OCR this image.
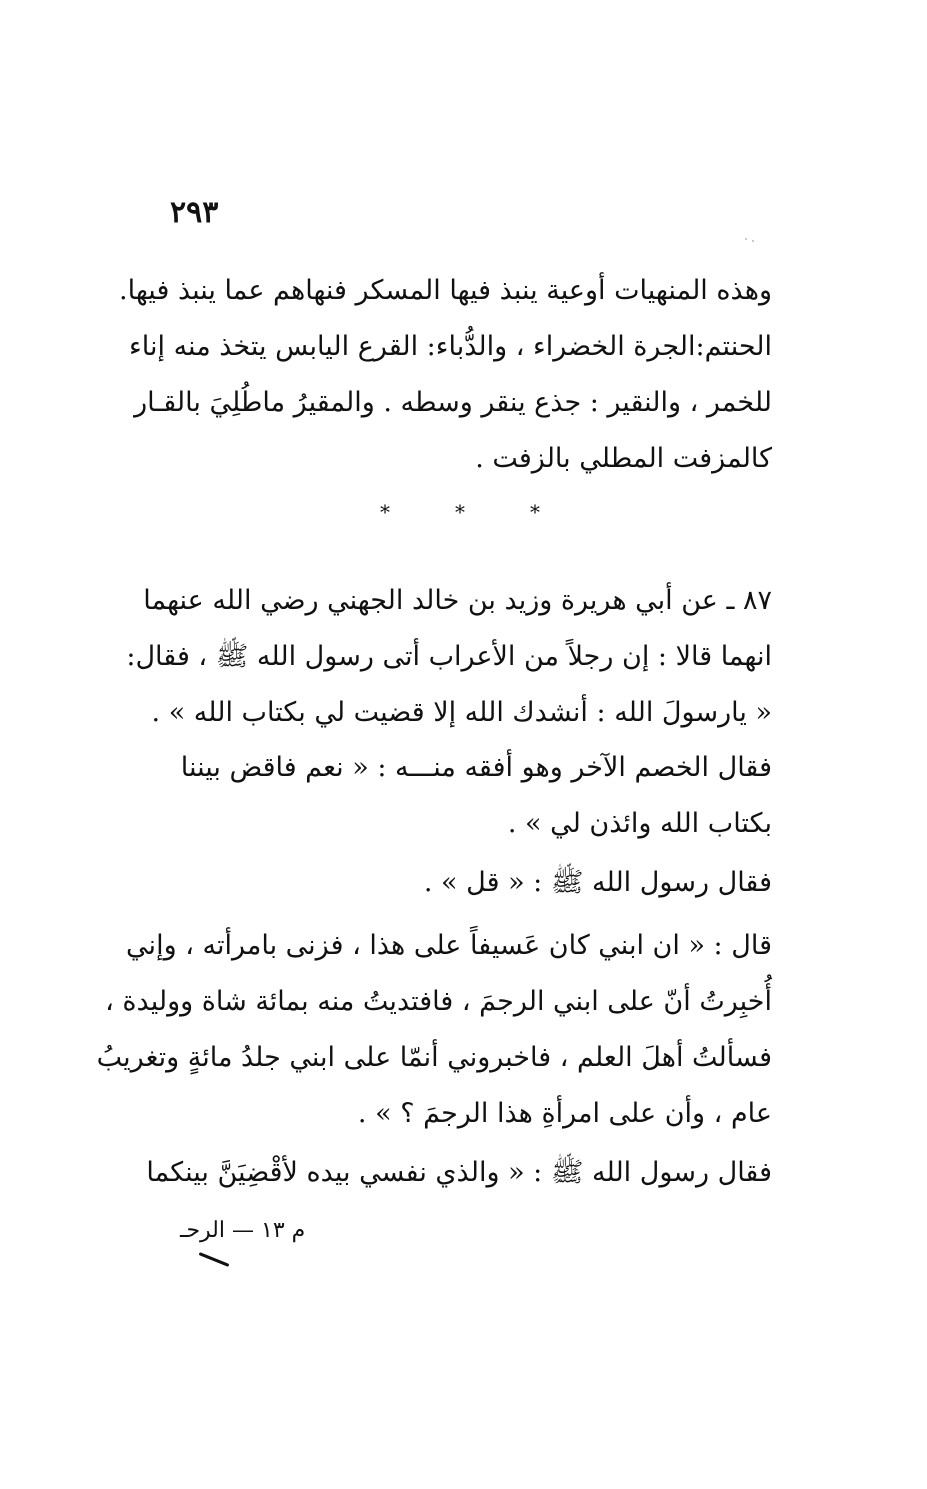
٢٩٣
وهذه المنهيات أوعية ينبذ فيها المسكر فنهاهم عما ينبذ فيها.
الحنتم:الجرة الخضراء ، والدُّباء: القرع اليابس يتخذ منه إناء
للخمر ، والنقير : جذع ينقر وسطه . والمقيرُ ماطُلِيَ بالقـار
كالمزفت المطلي بالزفت .
*	*	*
٨٧ ـ عن أبي هريرة وزيد بن خالد الجهني رضي الله عنهما
انهما قالا : إن رجلاً من الأعراب أتى رسول الله ﷺ ، فقال:
« يارسولَ الله : أنشدك الله إلا قضيت لي بكتاب الله » .
فقال الخصم الآخر وهو أفقه منـــه : « نعم فاقض بيننا
بكتاب الله وائذن لي » .
فقال رسول الله ﷺ : « قل » .
قال : « ان ابني كان عَسيفاً على هذا ، فزنى بامرأته ، وإني
أُخبِرتُ أنّ على ابني الرجمَ ، فافتديتُ منه بمائة شاة ووليدة ،
فسألتُ أهلَ العلم ، فاخبروني أنمّا على ابني جلدُ مائةٍ وتغريبُ
عام ، وأن على امرأةِ هذا الرجمَ ؟ » .
فقال رسول الله ﷺ : « والذي نفسي بيده لأقْضِيَنَّ بينكما
م ١٣ — الرحـ
